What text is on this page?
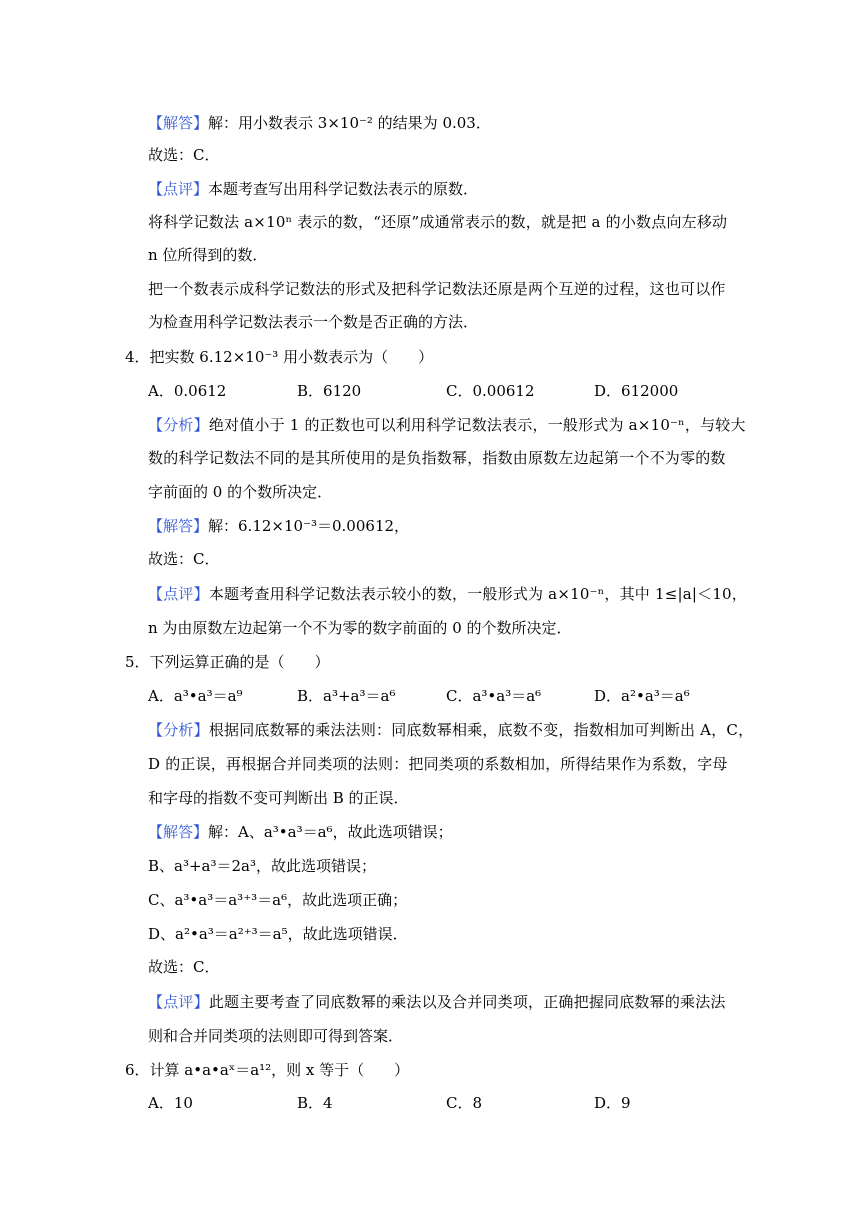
【解答】解：用小数表示 3×10⁻² 的结果为 0.03．
故选：C．
【点评】本题考查写出用科学记数法表示的原数．
将科学记数法 a×10ⁿ 表示的数，“还原”成通常表示的数，就是把 a 的小数点向左移动
n 位所得到的数．
把一个数表示成科学记数法的形式及把科学记数法还原是两个互逆的过程，这也可以作
为检查用科学记数法表示一个数是否正确的方法．
4．把实数 6.12×10⁻³ 用小数表示为（　　）
A．0.0612	B．6120	C．0.00612	D．612000
【分析】绝对值小于 1 的正数也可以利用科学记数法表示，一般形式为 a×10⁻ⁿ，与较大
数的科学记数法不同的是其所使用的是负指数幂，指数由原数左边起第一个不为零的数
字前面的 0 的个数所决定．
【解答】解：6.12×10⁻³＝0.00612，
故选：C．
【点评】本题考查用科学记数法表示较小的数，一般形式为 a×10⁻ⁿ，其中 1≤|a|＜10，
n 为由原数左边起第一个不为零的数字前面的 0 的个数所决定．
5．下列运算正确的是（　　）
A．a³•a³＝a⁹	B．a³+a³＝a⁶	C．a³•a³＝a⁶	D．a²•a³＝a⁶
【分析】根据同底数幂的乘法法则：同底数幂相乘，底数不变，指数相加可判断出 A，C，
D 的正误，再根据合并同类项的法则：把同类项的系数相加，所得结果作为系数，字母
和字母的指数不变可判断出 B 的正误．
【解答】解：A、a³•a³＝a⁶，故此选项错误；
B、a³+a³＝2a³，故此选项错误；
C、a³•a³＝a³⁺³＝a⁶，故此选项正确；
D、a²•a³＝a²⁺³＝a⁵，故此选项错误．
故选：C．
【点评】此题主要考查了同底数幂的乘法以及合并同类项，正确把握同底数幂的乘法法
则和合并同类项的法则即可得到答案．
6．计算 a•a•aˣ＝a¹²，则 x 等于（　　）
A．10	B．4	C．8	D．9
